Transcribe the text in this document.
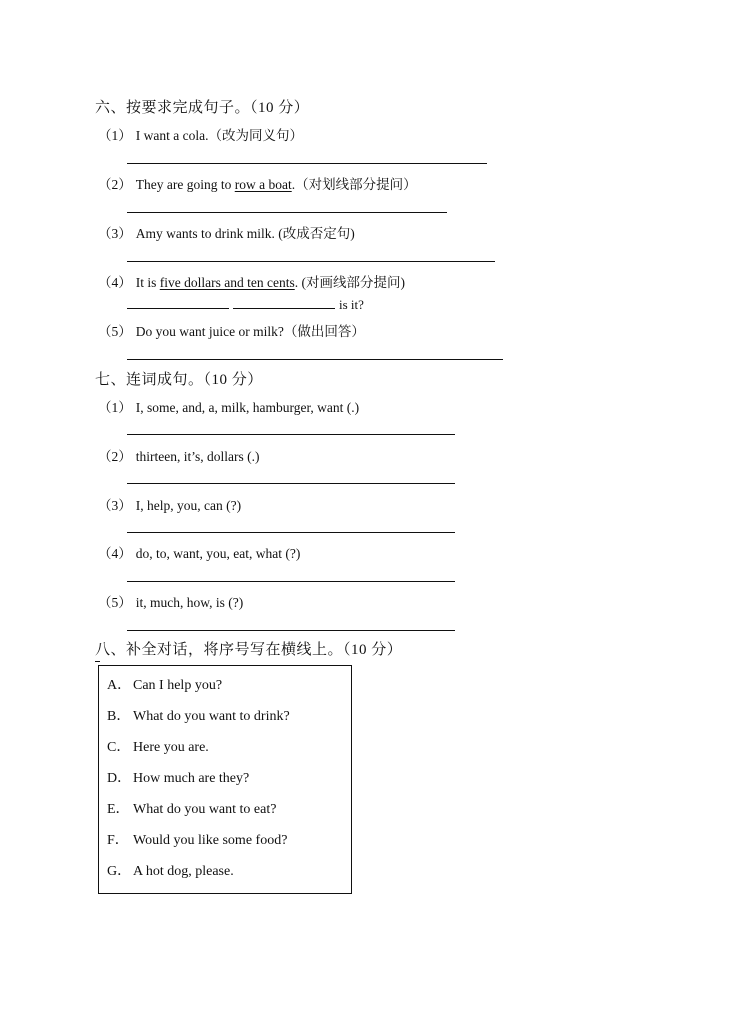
六、按要求完成句子。（10 分）
（1） I want a cola.（改为同义句）
（2） They are going to row a boat.（对划线部分提问）
（3） Amy wants to drink milk. (改成否定句)
（4） It is five dollars and ten cents. (对画线部分提问)
is it?
（5） Do you want juice or milk?（做出回答）
七、连词成句。（10 分）
（1） I, some, and, a, milk, hamburger, want (.)
（2） thirteen, it’s, dollars (.)
（3） I, help, you, can (?)
（4） do, to, want, you, eat, what (?)
（5） it, much, how, is (?)
八、补全对话，将序号写在横线上。（10 分）
A． Can I help you?
B． What do you want to drink?
C． Here you are.
D． How much are they?
E． What do you want to eat?
F． Would you like some food?
G． A hot dog, please.
